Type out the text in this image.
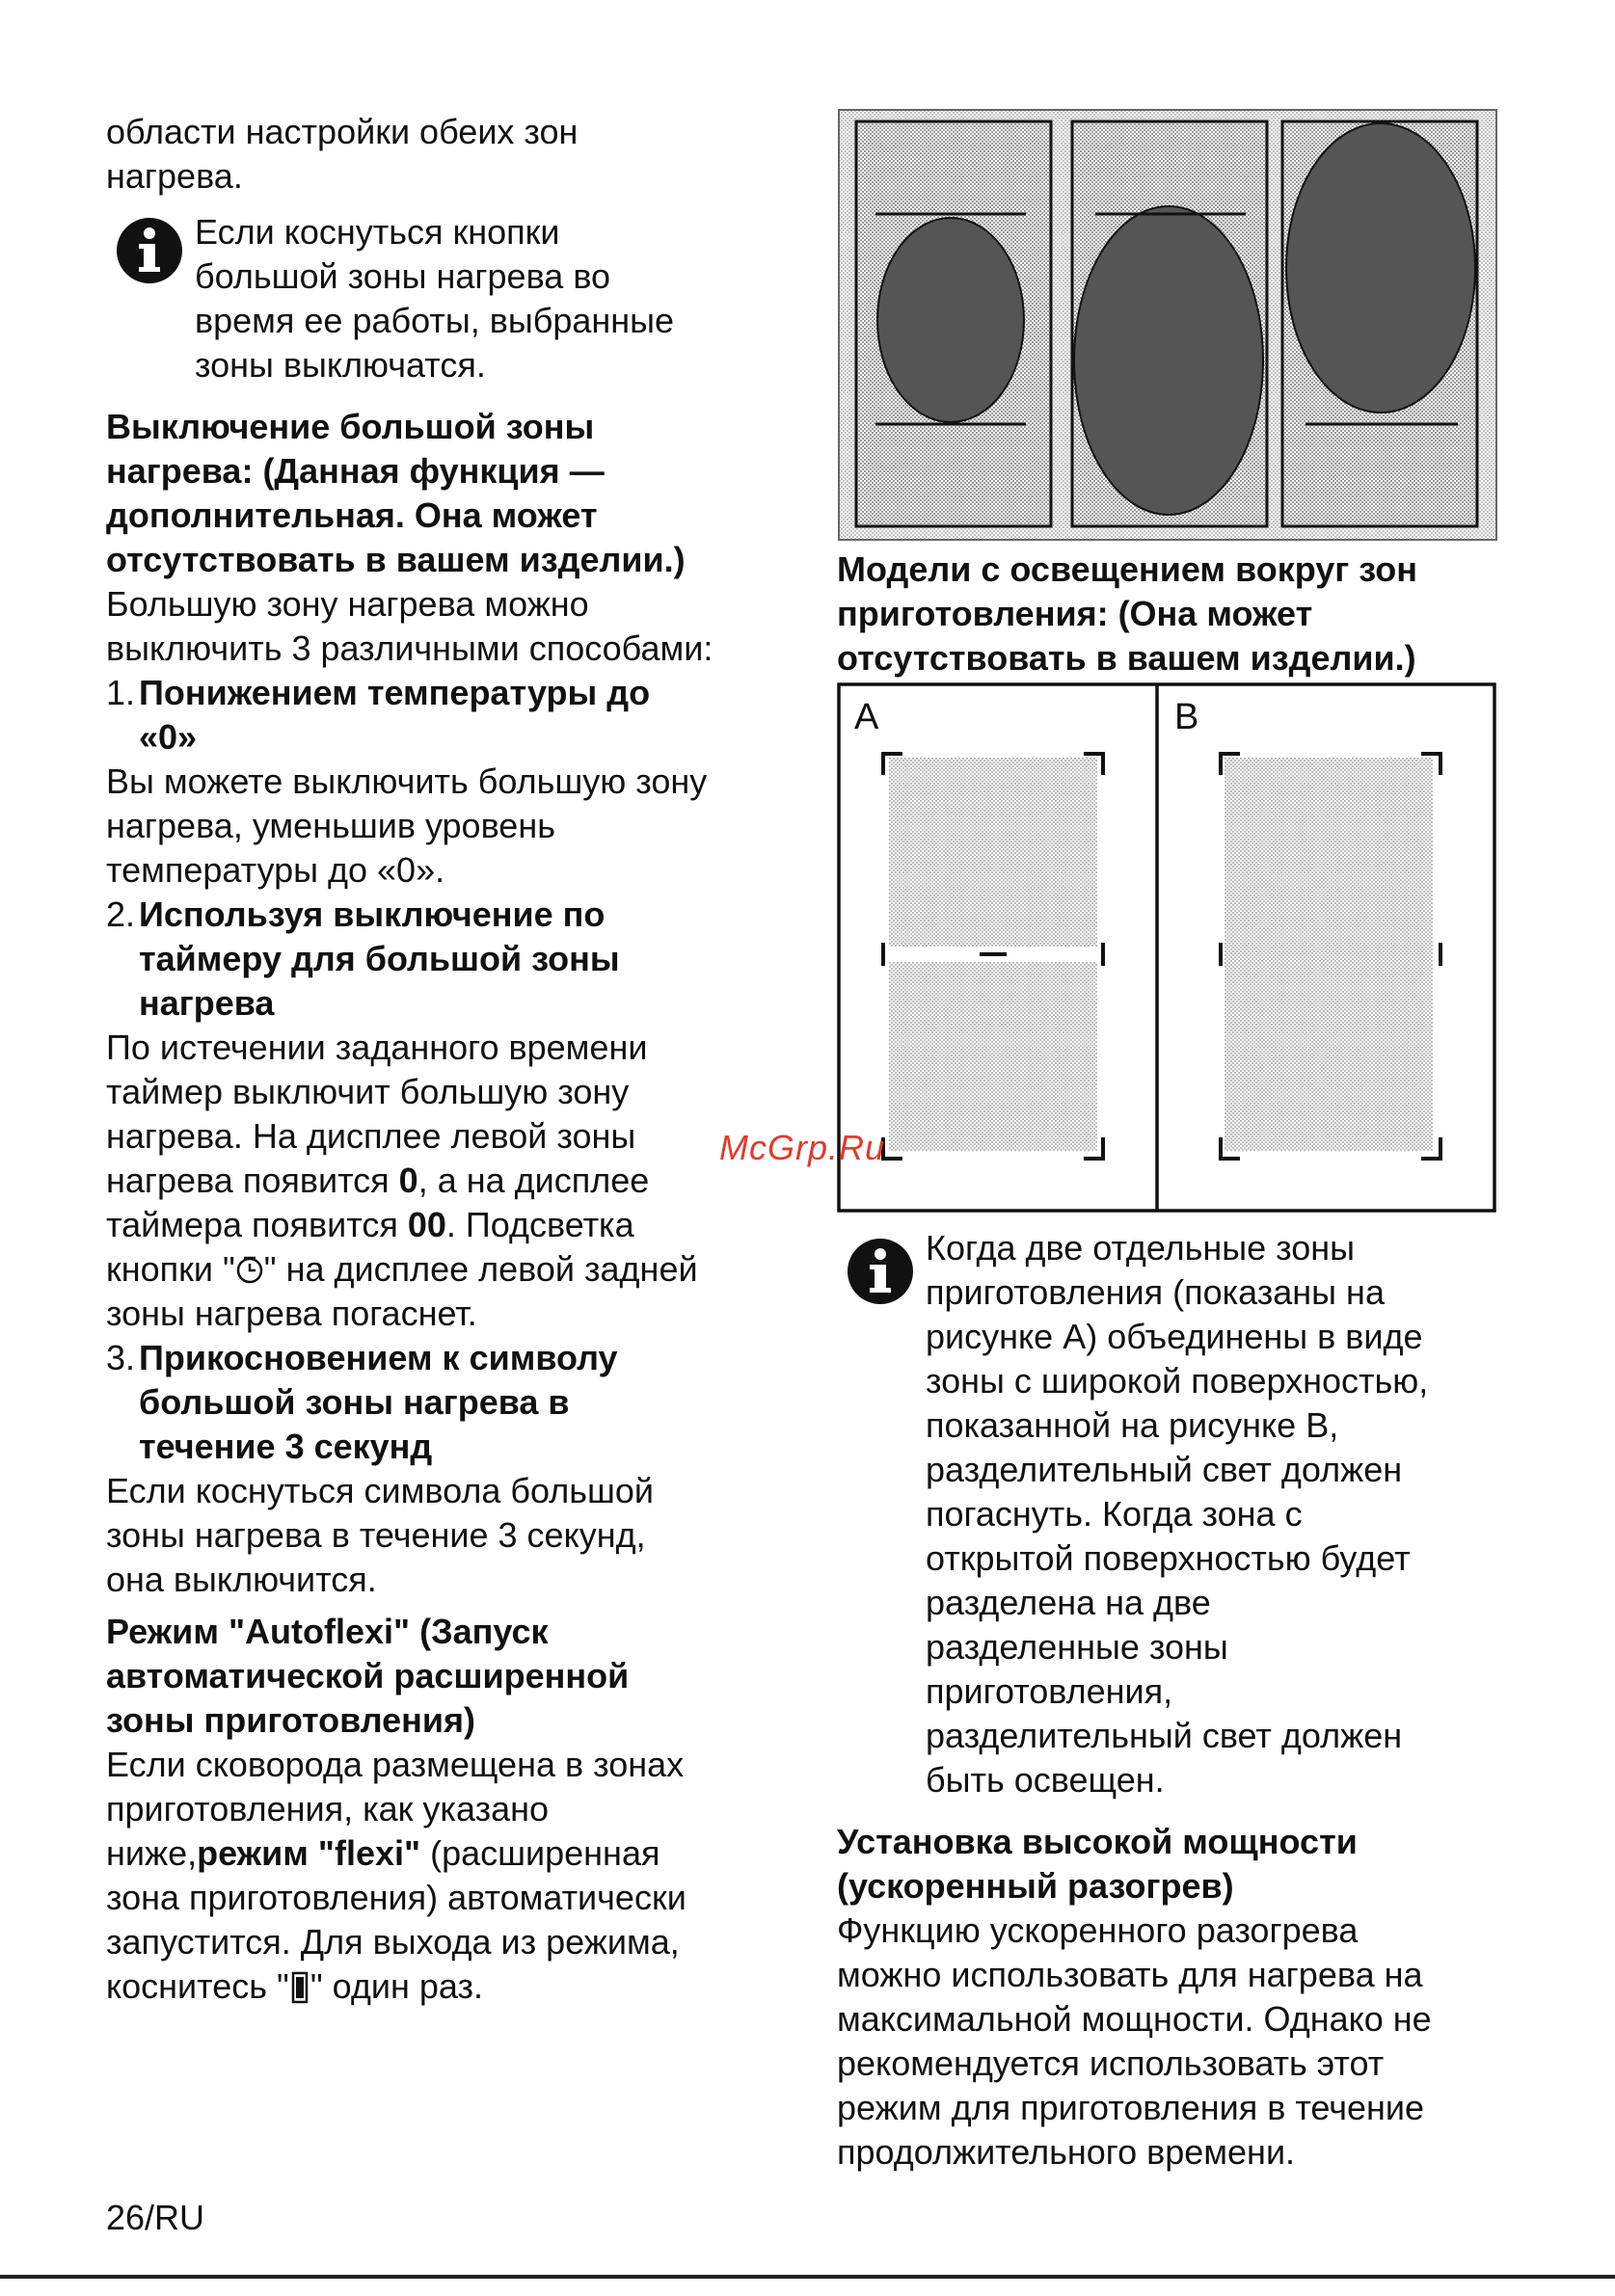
области настройки обеих зон
нагрева.
Если коснуться кнопки
большой зоны нагрева во
время ее работы, выбранные
зоны выключатся.
Выключение большой зоны
нагрева: (Данная функция —
дополнительная. Она может
отсутствовать в вашем изделии.)
Большую зону нагрева можно
выключить 3 различными способами:
1. Понижением температуры до
«0»
Вы можете выключить большую зону
нагрева, уменьшив уровень
температуры до «0».
2. Используя выключение по
таймеру для большой зоны
нагрева
По истечении заданного времени
таймер выключит большую зону
нагрева. На дисплее левой зоны
нагрева появится 0, а на дисплее
таймера появится 00. Подсветка
кнопки " " на дисплее левой задней
зоны нагрева погаснет.
3. Прикосновением к символу
большой зоны нагрева в
течение 3 секунд
Если коснуться символа большой
зоны нагрева в течение 3 секунд,
она выключится.
Режим "Autoflexi" (Запуск
автоматической расширенной
зоны приготовления)
Если сковорода размещена в зонах
приготовления, как указано
ниже,режим "flexi" (расширенная
зона приготовления) автоматически
запустится. Для выхода из режима,
коснитесь " " один раз.
26/RU
Модели с освещением вокруг зон
приготовления: (Она может
отсутствовать в вашем изделии.)
A	B
Когда две отдельные зоны
приготовления (показаны на
рисунке А) объединены в виде
зоны с широкой поверхностью,
показанной на рисунке В,
разделительный свет должен
погаснуть. Когда зона с
открытой поверхностью будет
разделена на две
разделенные зоны
приготовления,
разделительный свет должен
быть освещен.
Установка высокой мощности
(ускоренный разогрев)
Функцию ускоренного разогрева
можно использовать для нагрева на
максимальной мощности. Однако не
рекомендуется использовать этот
режим для приготовления в течение
продолжительного времени.
McGrp.Ru
